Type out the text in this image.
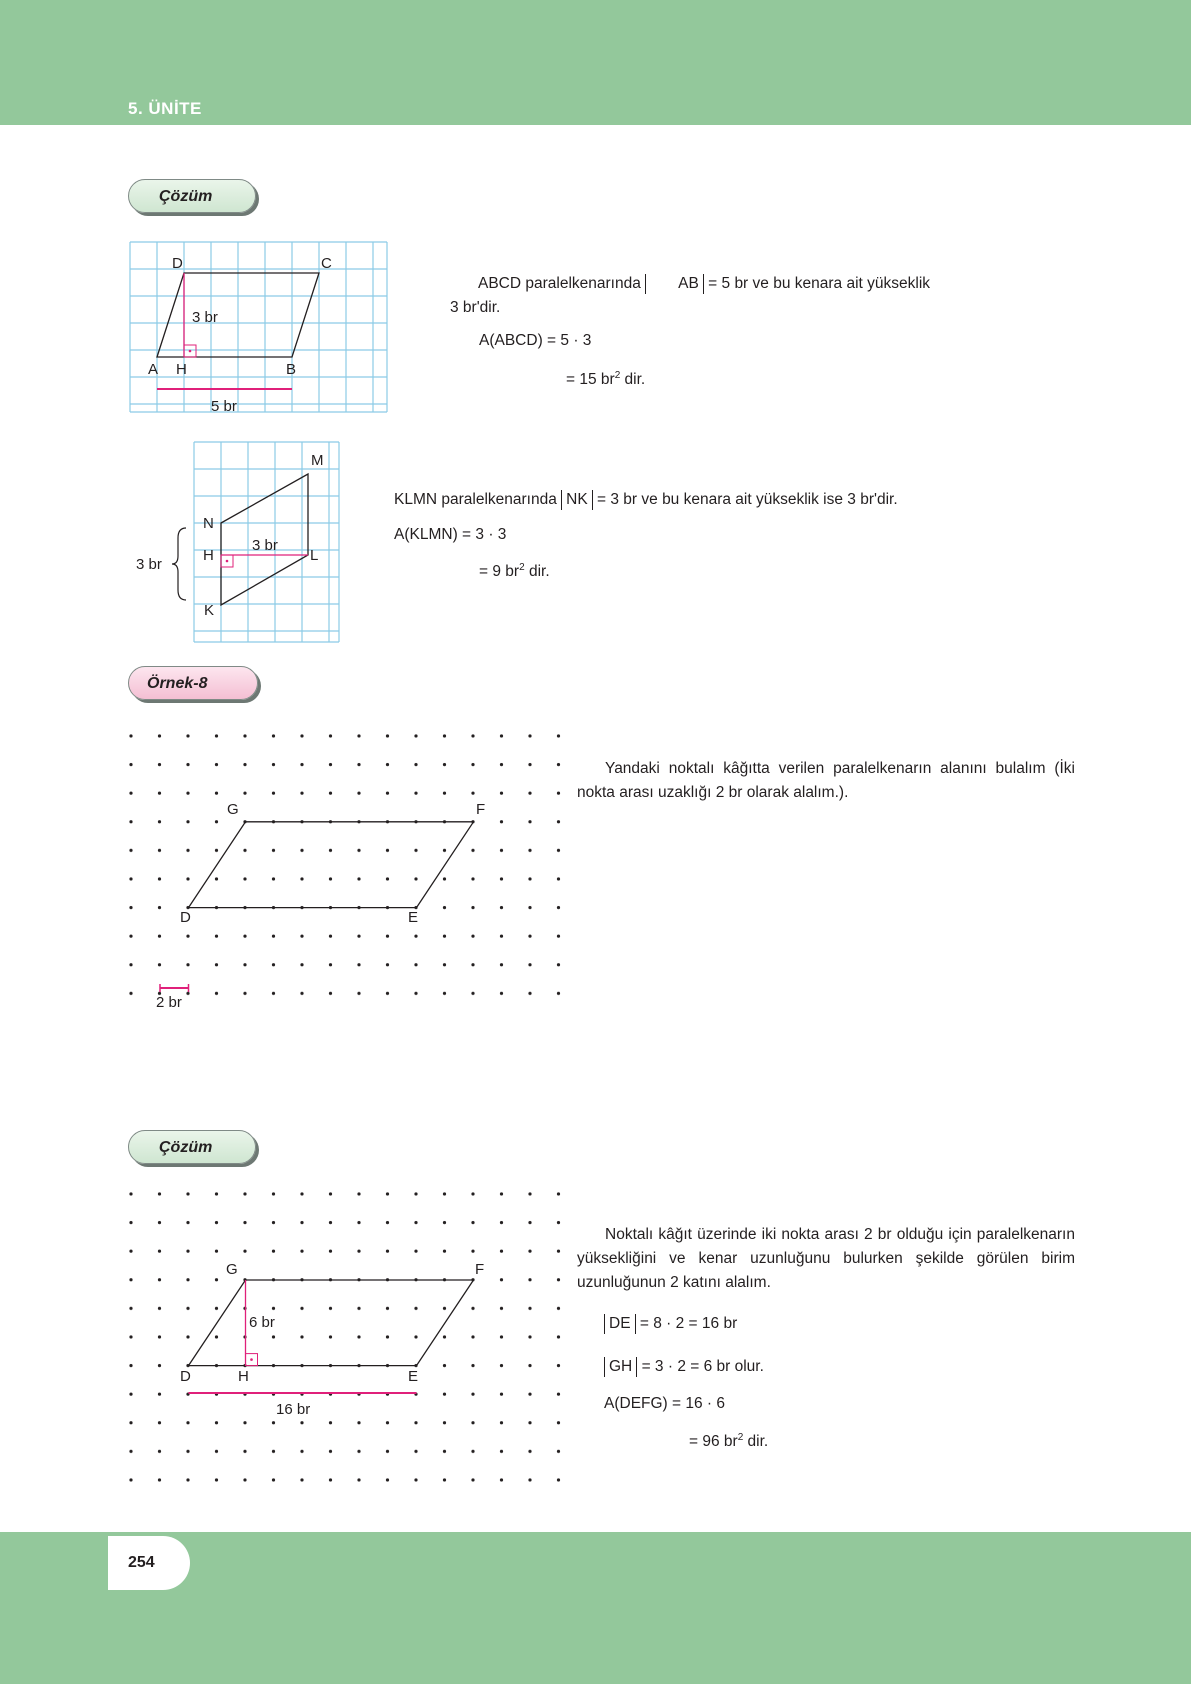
5. ÜNİTE
Çözüm
D	C
A H	B
3 br
5 br

ABCD paralelkenarında AB = 5 br ve bu kenara ait yükseklik

3 br'dir.

A(ABCD) = 5 · 3
= 15 $br^2$ dir.
M
N
H	L
K
3 br
3 br

KLMN paralelkenarında NK = 3 br ve bu kenara ait yükseklik ise 3 br'dir.

A(KLMN) = 3 · 3
= 9 $br^2$ dir.
Örnek-8
G	F
D	E
2 br

Yandaki noktalı kâğıtta verilen paralelkenarın alanını bulalım (İki nokta arası uzaklığı 2 br olarak alalım.).

Çözüm
G	F
D	H	E
6 br
16 br

Noktalı kâğıt üzerinde iki nokta arası 2 br olduğu için paralelkenarın yüksekliğini ve kenar uzunluğunu bulurken şekilde görülen birim uzunluğunun 2 katını alalım.

DE = 8 · 2 = 16 br
GH = 3 · 2 = 6 br olur.
A(DEFG) = 16 · 6
= 96 $br^2$ dir.
254
